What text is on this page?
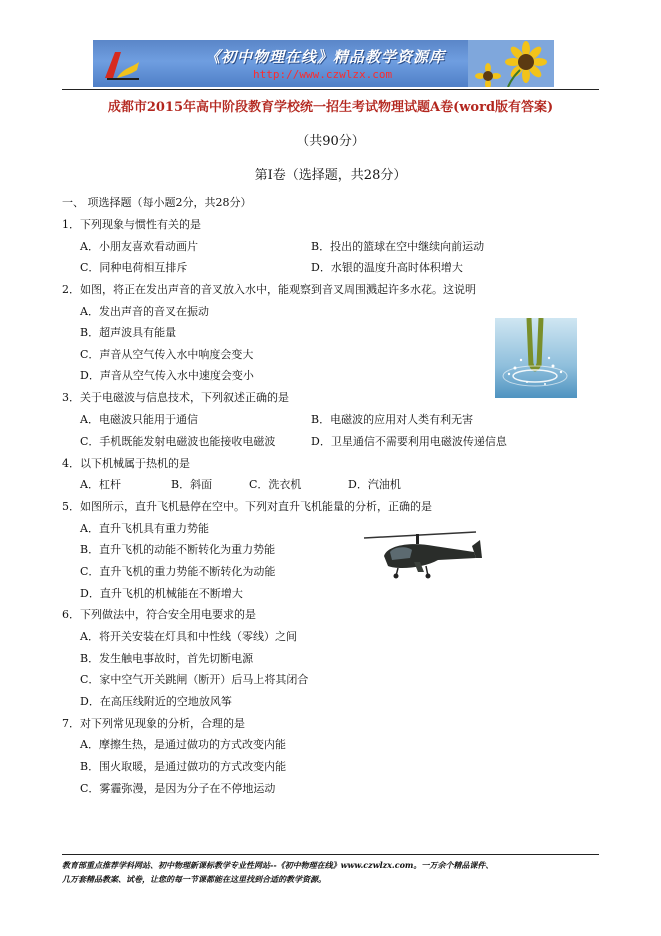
《初中物理在线》精品教学资源库
http://www.czwlzx.com
成都市2015年高中阶段教育学校统一招生考试物理试题A卷(word版有答案)
（共90分）
第Ⅰ卷（选择题，共28分）
一、 项选择题（每小题2分，共28分）
1．下列现象与惯性有关的是
A．小朋友喜欢看动画片	B．投出的篮球在空中继续向前运动
C．同种电荷相互排斥	D．水银的温度升高时体积增大
2．如图，将正在发出声音的音叉放入水中，能观察到音叉周围溅起许多水花。这说明
A．发出声音的音叉在振动
B．超声波具有能量
C．声音从空气传入水中响度会变大
D．声音从空气传入水中速度会变小
3．关于电磁波与信息技术，下列叙述正确的是
A．电磁波只能用于通信	B．电磁波的应用对人类有利无害
C．手机既能发射电磁波也能接收电磁波	D．卫星通信不需要利用电磁波传递信息
4．以下机械属于热机的是
A．杠杆	B．斜面	C．洗衣机	D．汽油机
5．如图所示，直升飞机悬停在空中。下列对直升飞机能量的分析，正确的是
A．直升飞机具有重力势能
B．直升飞机的动能不断转化为重力势能
C．直升飞机的重力势能不断转化为动能
D．直升飞机的机械能在不断增大
6．下列做法中，符合安全用电要求的是
A．将开关安装在灯具和中性线（零线）之间
B．发生触电事故时，首先切断电源
C．家中空气开关跳闸（断开）后马上将其闭合
D．在高压线附近的空地放风筝
7．对下列常见现象的分析，合理的是
A．摩擦生热，是通过做功的方式改变内能
B．围火取暖，是通过做功的方式改变内能
C．雾霾弥漫，是因为分子在不停地运动
教育部重点推荐学科网站、初中物理新课标教学专业性网站--《初中物理在线》www.czwlzx.com。一万余个精品课件、
几万套精品教案、试卷，让您的每一节课都能在这里找到合适的教学资源。
